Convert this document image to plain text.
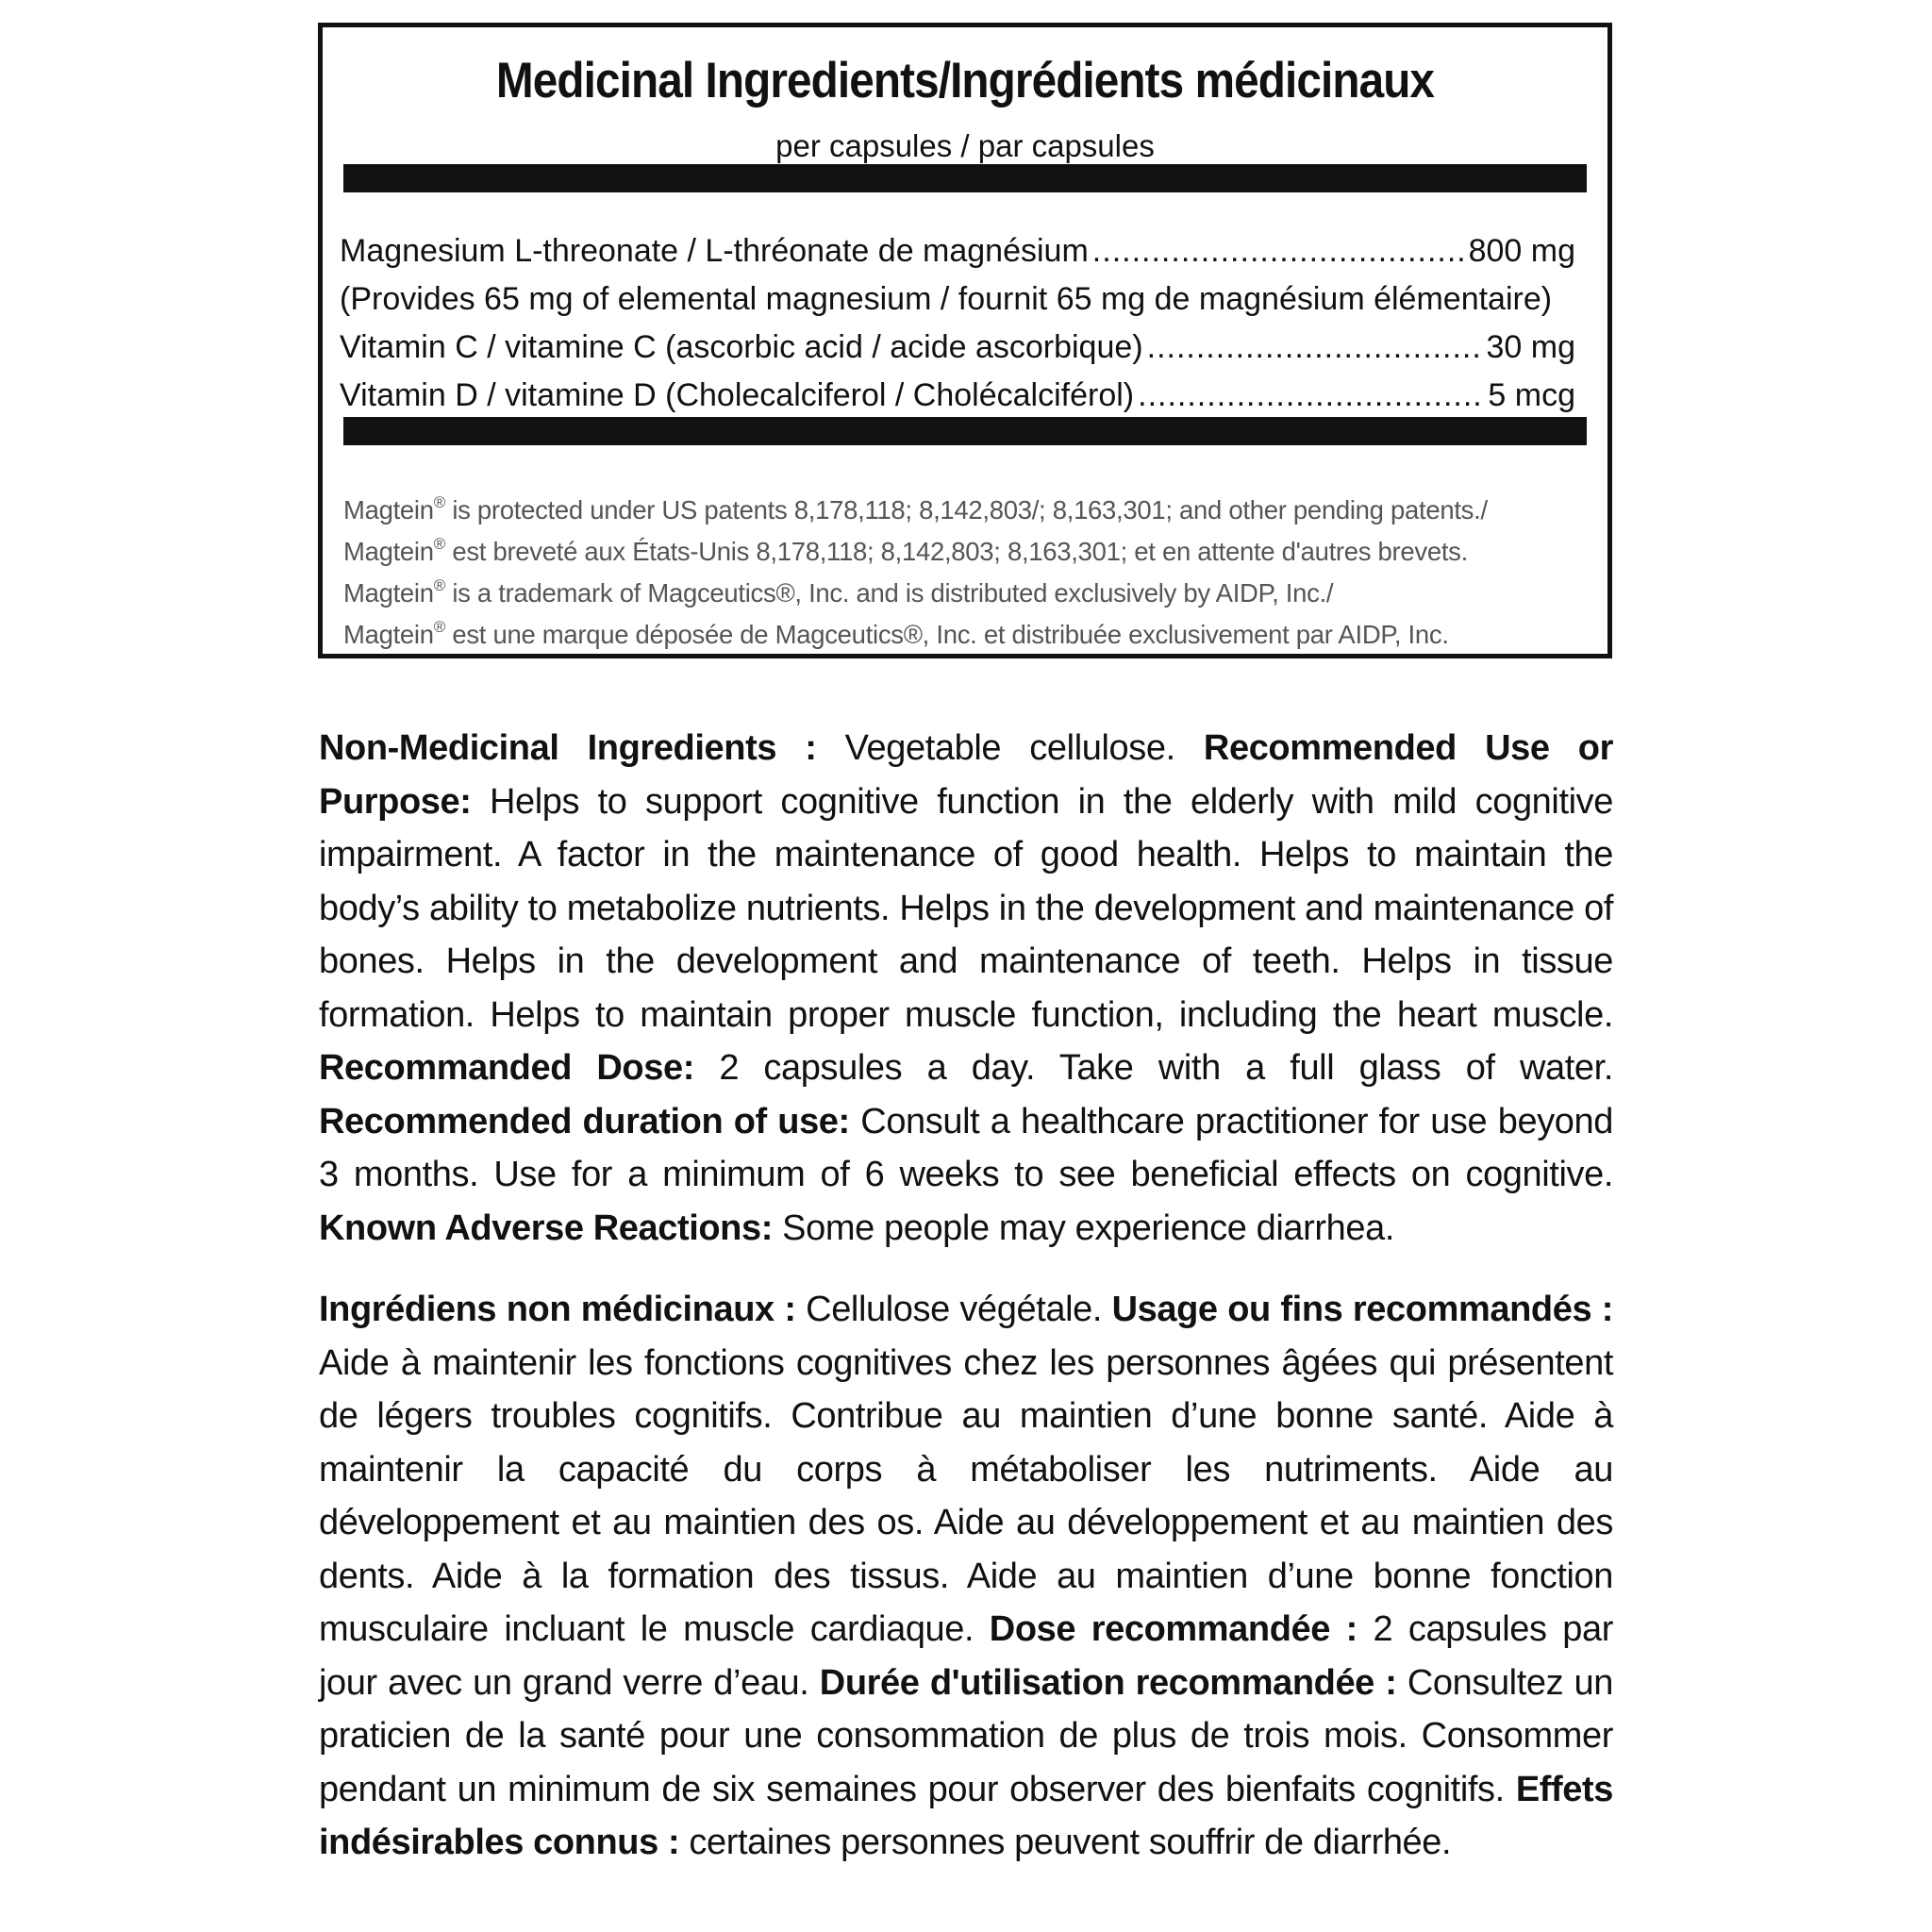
Medicinal Ingredients/Ingrédients médicinaux
per capsules / par capsules
Magnesium L-threonate / L-thréonate de magnésium .....	800 mg
(Provides 65 mg of elemental magnesium / fournit 65 mg de magnésium élémentaire)
Vitamin C / vitamine C (ascorbic acid / acide ascorbique) .....	30 mg
Vitamin D / vitamine D (Cholecalciferol / Cholécalciférol) .....	5 mcg
Magtein® is protected under US patents 8,178,118; 8,142,803/; 8,163,301; and other pending patents./
Magtein® est breveté aux États-Unis 8,178,118; 8,142,803; 8,163,301; et en attente d'autres brevets.
Magtein® is a trademark of Magceutics®, Inc. and is distributed exclusively by AIDP, Inc./
Magtein® est une marque déposée de Magceutics®, Inc. et distribuée exclusivement par AIDP, Inc.

Non-Medicinal Ingredients : Vegetable cellulose. Recommended Use or Purpose: Helps to support cognitive function in the elderly with mild cognitive impairment. A factor in the maintenance of good health. Helps to maintain the body’s ability to metabolize nutrients. Helps in the development and maintenance of bones. Helps in the development and maintenance of teeth. Helps in tissue formation. Helps to maintain proper muscle function, including the heart muscle. Recommanded Dose: 2 capsules a day. Take with a full glass of water. Recommended duration of use: Consult a healthcare practitioner for use beyond 3 months. Use for a minimum of 6 weeks to see beneficial effects on cognitive. Known Adverse Reactions: Some people may experience diarrhea.

Ingrédiens non médicinaux : Cellulose végétale. Usage ou fins recommandés : Aide à maintenir les fonctions cognitives chez les personnes âgées qui présentent de légers troubles cognitifs. Contribue au maintien d’une bonne santé. Aide à maintenir la capacité du corps à métaboliser les nutriments. Aide au développement et au maintien des os. Aide au développement et au maintien des dents. Aide à la formation des tissus. Aide au maintien d’une bonne fonction musculaire incluant le muscle cardiaque. Dose recommandée : 2 capsules par jour avec un grand verre d’eau. Durée d'utilisation recommandée : Consultez un praticien de la santé pour une consommation de plus de trois mois. Consommer pendant un minimum de six semaines pour observer des bienfaits cognitifs. Effets indésirables connus : certaines personnes peuvent souffrir de diarrhée.
